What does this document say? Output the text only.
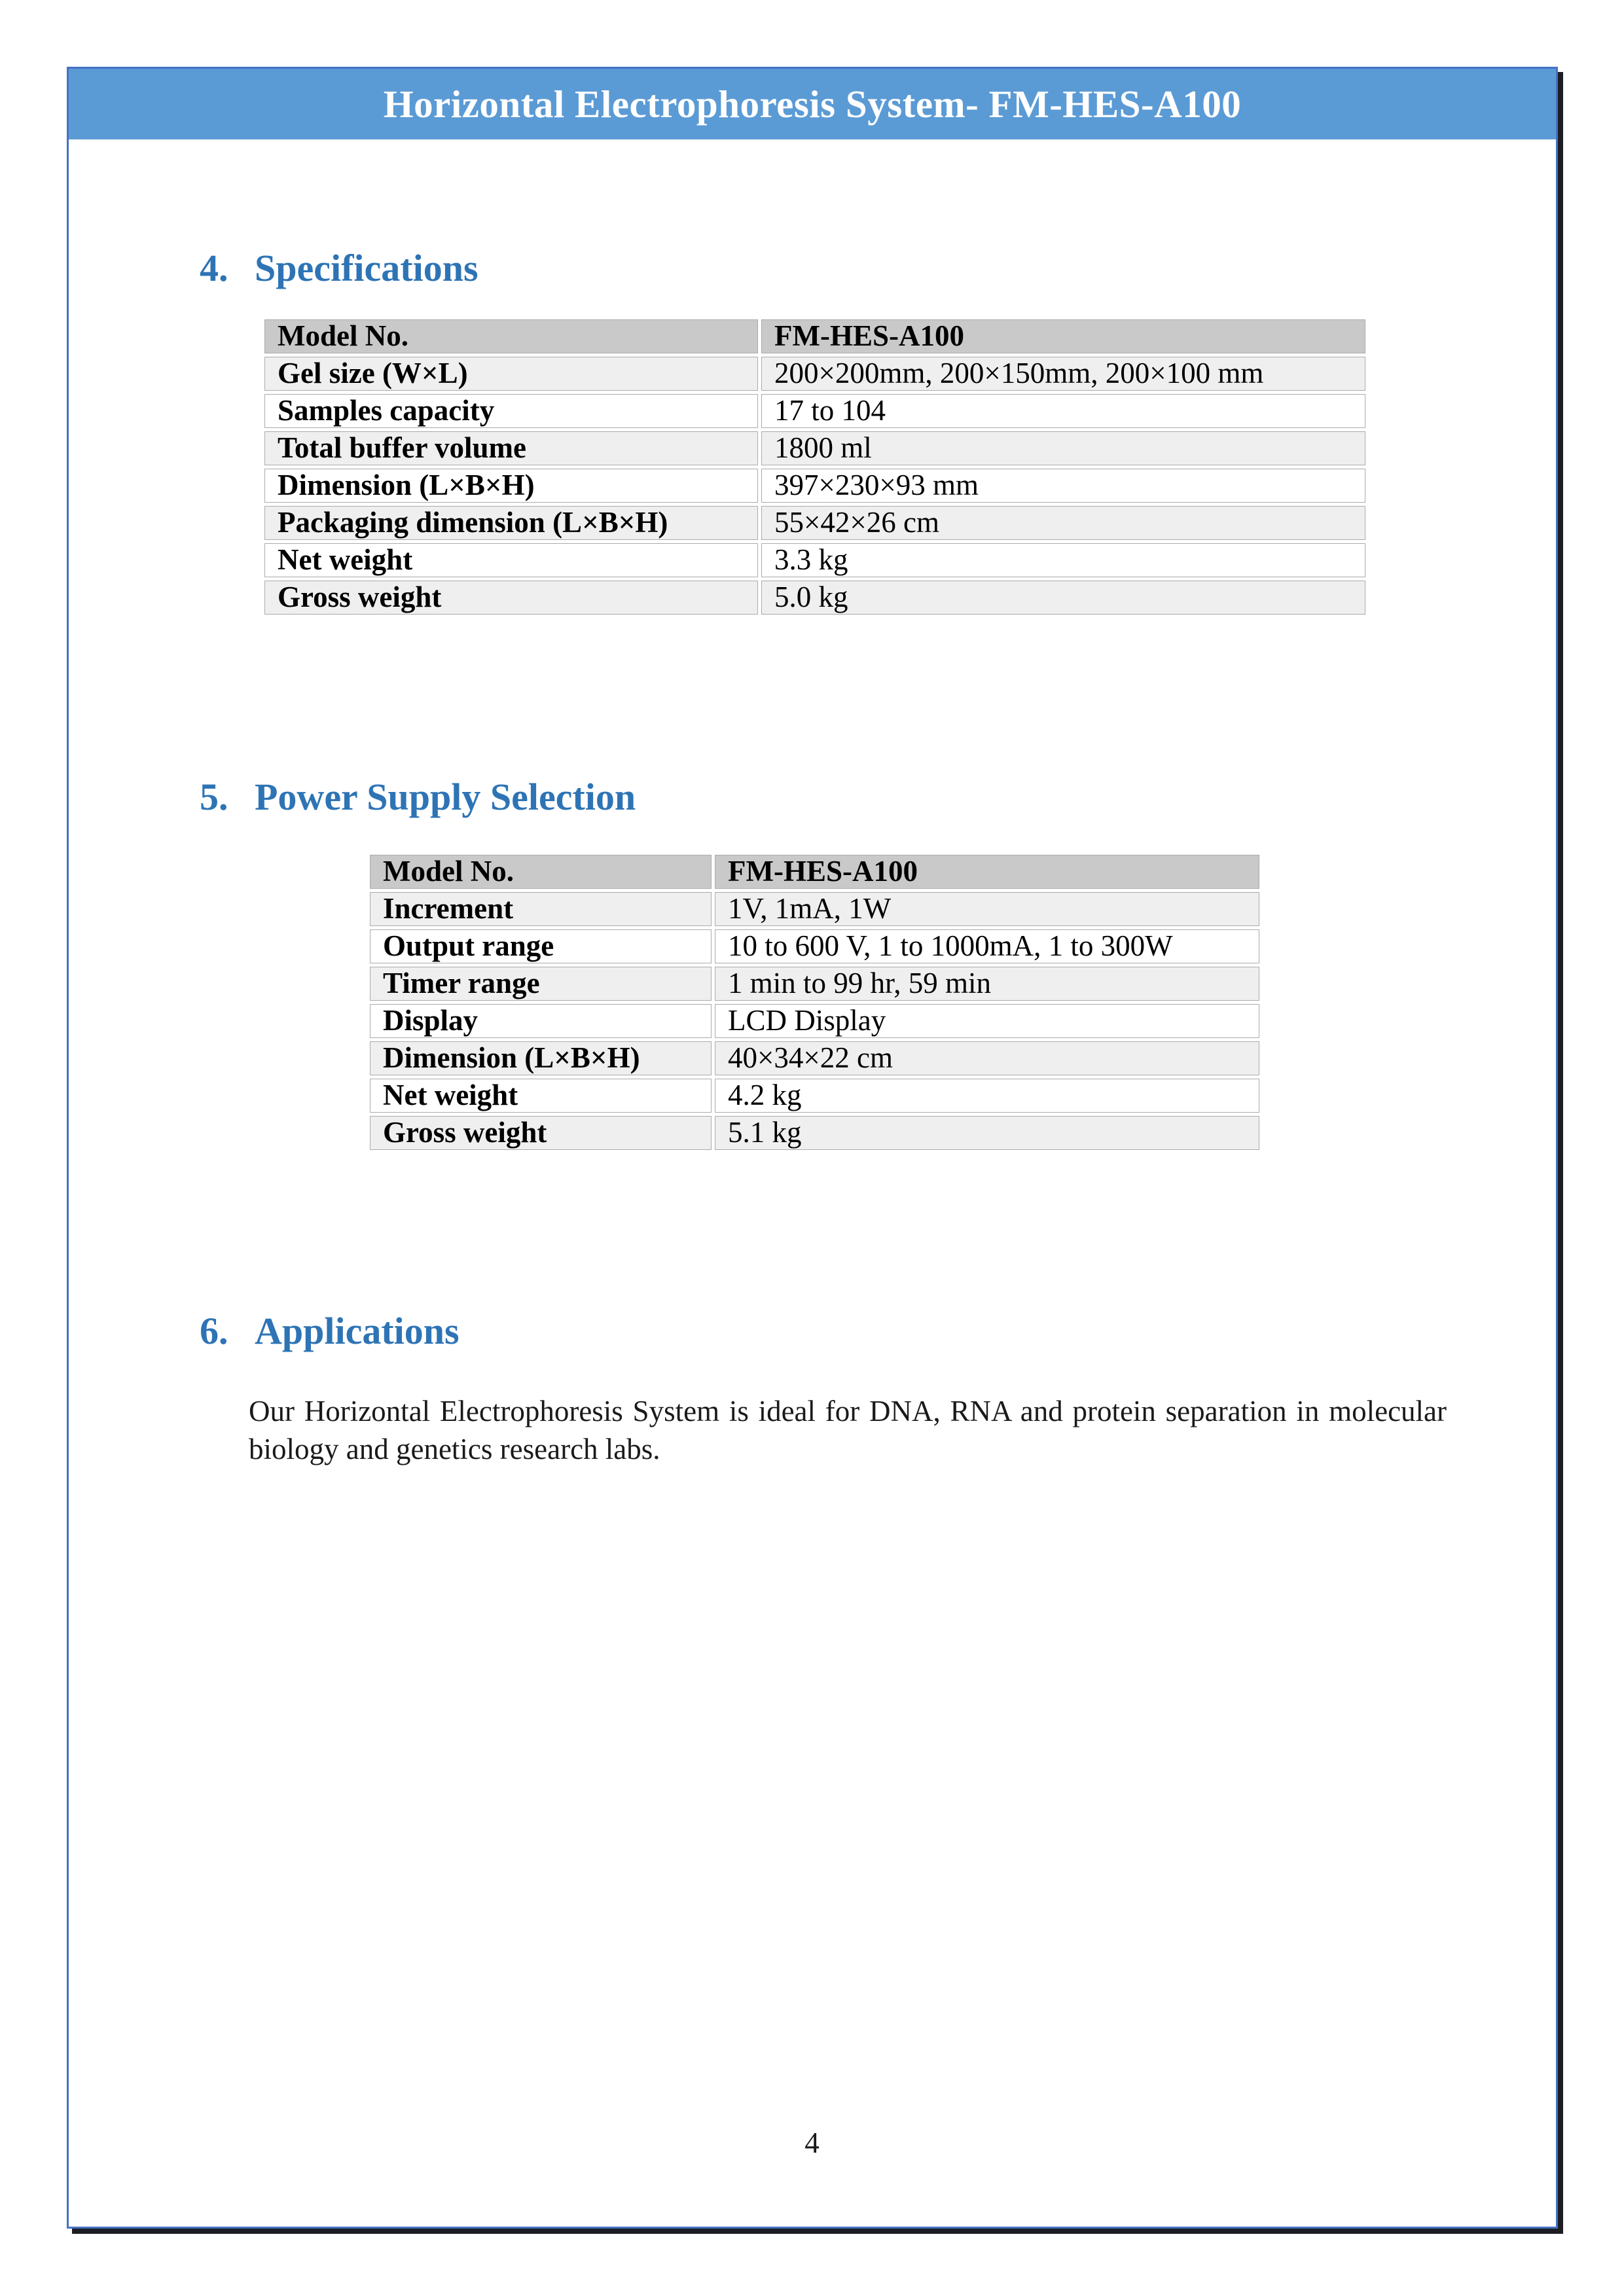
Horizontal Electrophoresis System- FM-HES-A100
4. Specifications
Model No.	FM-HES-A100
Gel size (W×L)	200×200mm, 200×150mm, 200×100 mm
Samples capacity	17 to 104
Total buffer volume	1800 ml
Dimension (L×B×H)	397×230×93 mm
Packaging dimension (L×B×H)	55×42×26 cm
Net weight	3.3 kg
Gross weight	5.0 kg
5. Power Supply Selection
Model No.	FM-HES-A100
Increment	1V, 1mA, 1W
Output range	10 to 600 V, 1 to 1000mA, 1 to 300W
Timer range	1 min to 99 hr, 59 min
Display	LCD Display
Dimension (L×B×H)	40×34×22 cm
Net weight	4.2 kg
Gross weight	5.1 kg
6. Applications
Our Horizontal Electrophoresis System is ideal for DNA, RNA and protein separation in molecular biology and genetics research labs.
4
